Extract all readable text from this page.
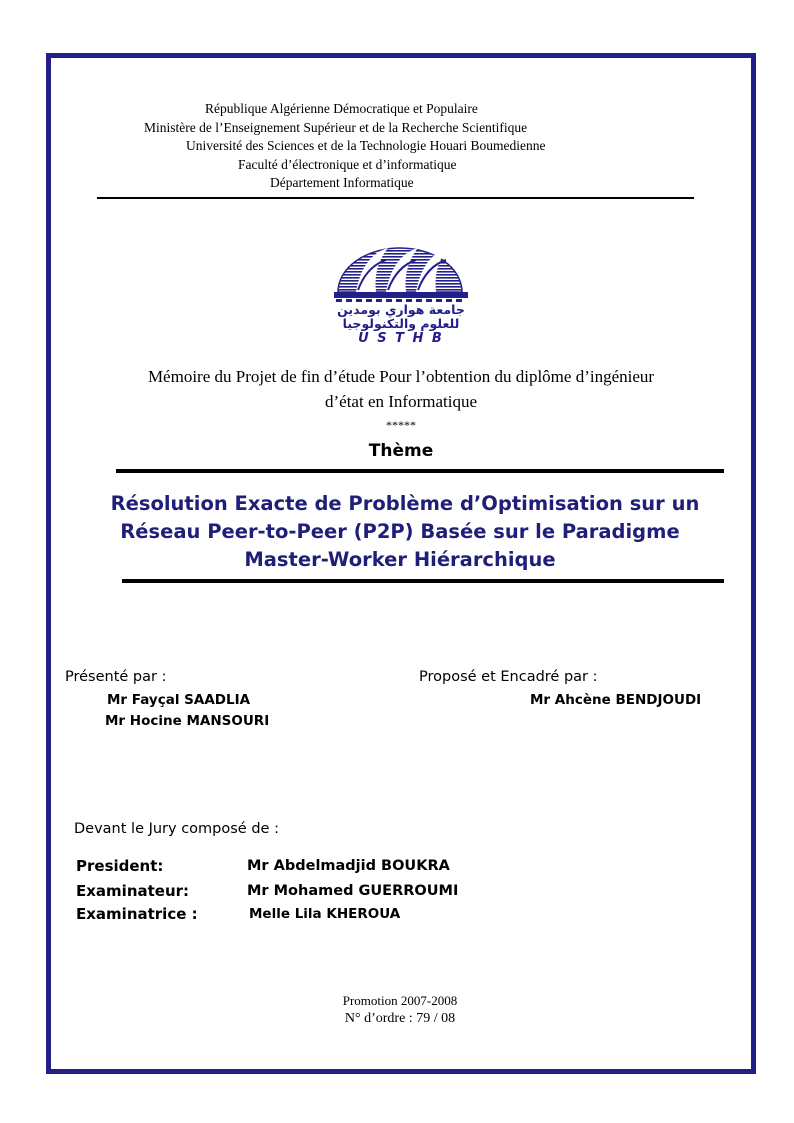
République Algérienne Démocratique et Populaire
Ministère de l’Enseignement Supérieur et de la Recherche Scientifique
Université des Sciences et de la Technologie Houari Boumedienne
Faculté d’électronique et d’informatique
Département Informatique
جامعة هواري بومدين للعلوم والتكنولوجيا
U S T H B
Mémoire du Projet de fin d’étude Pour l’obtention du diplôme d’ingénieur
d’état en Informatique
*****
Thème
Résolution Exacte de Problème d’Optimisation sur un
Réseau Peer-to-Peer (P2P) Basée sur le Paradigme
Master-Worker Hiérarchique
Présenté par :
Mr Fayçal SAADLIA
Mr Hocine MANSOURI
Proposé et Encadré par :
Mr Ahcène BENDJOUDI
Devant le Jury composé de :
President:	Mr Abdelmadjid BOUKRA
Examinateur:	Mr Mohamed GUERROUMI
Examinatrice :	Melle Lila KHEROUA
Promotion 2007-2008
N° d’ordre : 79 / 08
